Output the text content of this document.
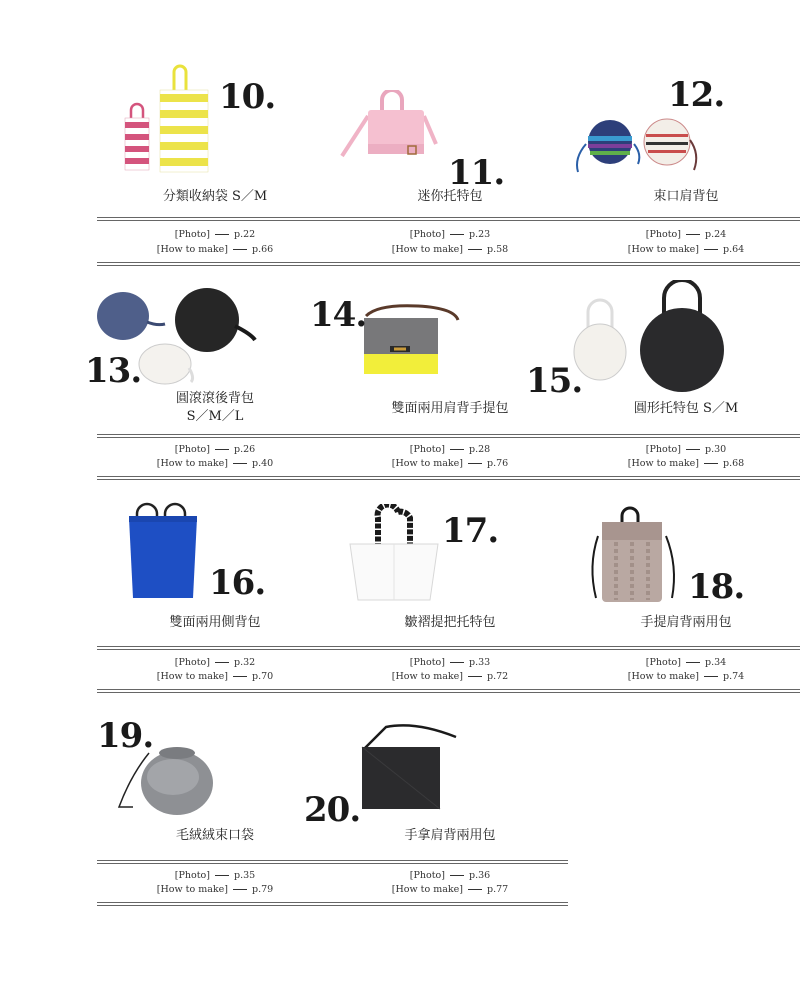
10.
分類收納袋 S／M
[Photo]	p.22
[How to make]	p.66
11.
迷你托特包
[Photo]	p.23
[How to make]	p.58
12.
束口肩背包
[Photo]	p.24
[How to make]	p.64
13.
圓滾滾後背包
S／M／L
[Photo]	p.26
[How to make]	p.40
14.
雙面兩用肩背手提包
[Photo]	p.28
[How to make]	p.76
15.
圓形托特包 S／M
[Photo]	p.30
[How to make]	p.68
16.
雙面兩用側背包
[Photo]	p.32
[How to make]	p.70
17.
皺褶提把托特包
[Photo]	p.33
[How to make]	p.72
18.
手提肩背兩用包
[Photo]	p.34
[How to make]	p.74
19.
毛絨絨束口袋
[Photo]	p.35
[How to make]	p.79
20.
手拿肩背兩用包
[Photo]	p.36
[How to make]	p.77
